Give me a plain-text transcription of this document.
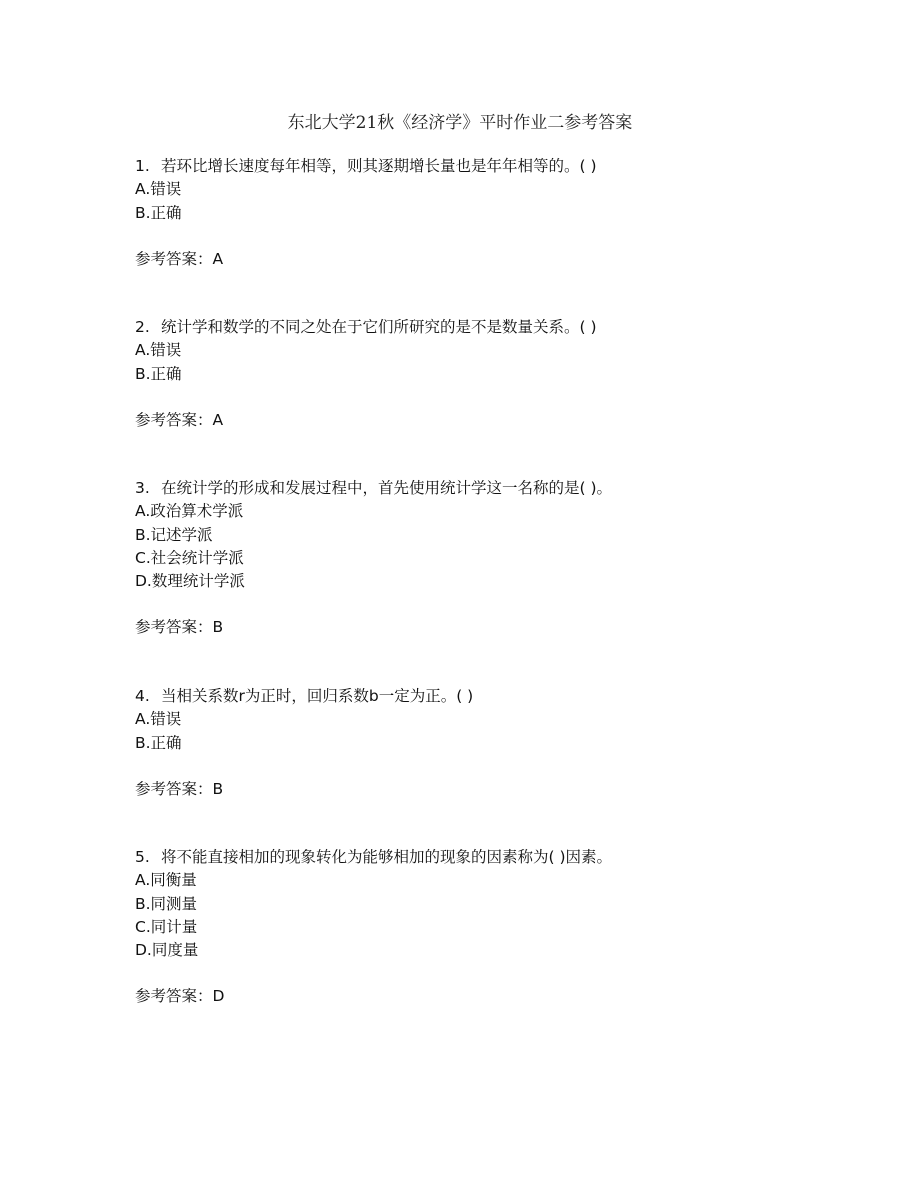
东北大学21秋《经济学》平时作业二参考答案
1. 若环比增长速度每年相等，则其逐期增长量也是年年相等的。( )
A.错误
B.正确
参考答案：A
2. 统计学和数学的不同之处在于它们所研究的是不是数量关系。( )
A.错误
B.正确
参考答案：A
3. 在统计学的形成和发展过程中，首先使用统计学这一名称的是( )。
A.政治算术学派
B.记述学派
C.社会统计学派
D.数理统计学派
参考答案：B
4. 当相关系数r为正时，回归系数b一定为正。( )
A.错误
B.正确
参考答案：B
5. 将不能直接相加的现象转化为能够相加的现象的因素称为( )因素。
A.同衡量
B.同测量
C.同计量
D.同度量
参考答案：D
